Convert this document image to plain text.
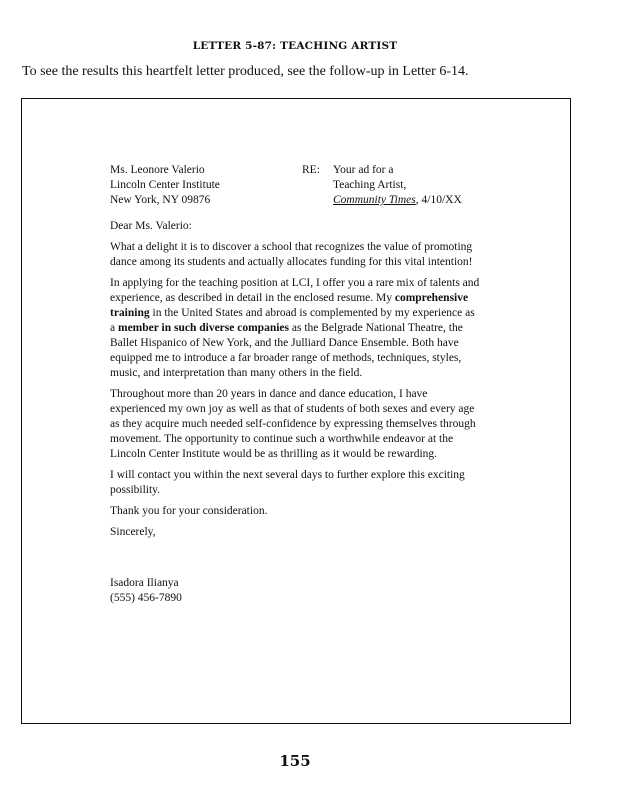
LETTER 5-87: TEACHING ARTIST
To see the results this heartfelt letter produced, see the follow-up in Letter 6-14.
Ms. Leonore Valerio
Lincoln Center Institute
New York, NY 09876
RE: Your ad for a
Teaching Artist,
Community Times, 4/10/XX

Dear Ms. Valerio:

What a delight it is to discover a school that recognizes the value of promoting dance among its students and actually allocates funding for this vital intention!

In applying for the teaching position at LCI, I offer you a rare mix of talents and experience, as described in detail in the enclosed resume. My comprehensive training in the United States and abroad is complemented by my experience as a member in such diverse companies as the Belgrade National Theatre, the Ballet Hispanico of New York, and the Julliard Dance Ensemble. Both have equipped me to introduce a far broader range of methods, techniques, styles, music, and interpretation than many others in the field.

Throughout more than 20 years in dance and dance education, I have experienced my own joy as well as that of students of both sexes and every age as they acquire much needed self-confidence by expressing themselves through movement. The opportunity to continue such a worthwhile endeavor at the Lincoln Center Institute would be as thrilling as it would be rewarding.

I will contact you within the next several days to further explore this exciting possibility.

Thank you for your consideration.

Sincerely,

Isadora Ilianya
(555) 456-7890
155
